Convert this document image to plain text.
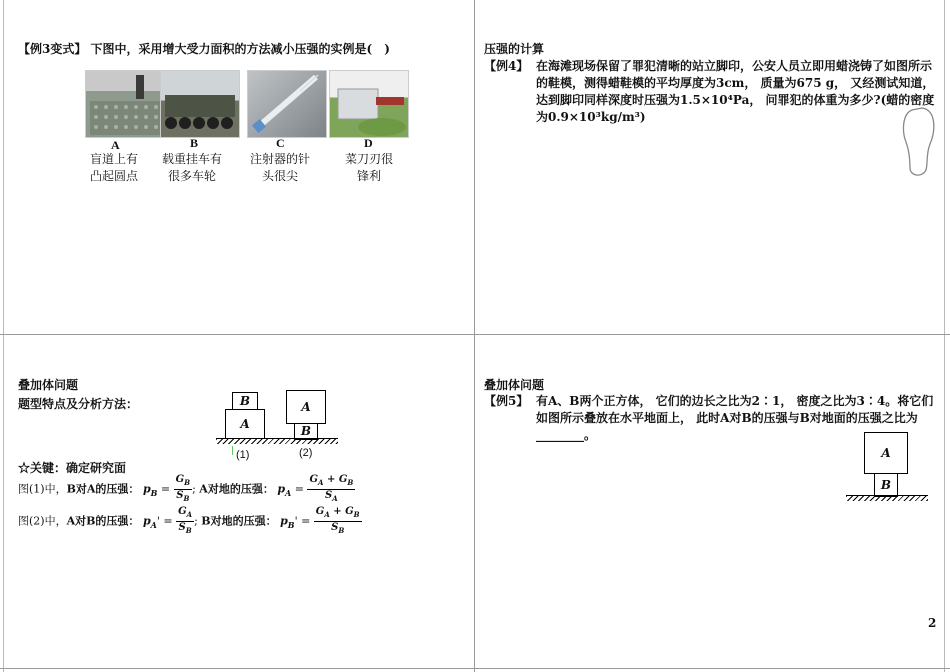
【例3变式】 下图中，采用增大受力面积的方法减小压强的实例是(　)
A
盲道上有
凸起圆点
B
载重挂车有
很多车轮
C
注射器的针
头很尖
D
菜刀刃很
锋利
压强的计算
【例4】 在海滩现场保留了罪犯清晰的站立脚印，公安人员立即用蜡浇铸了如图所示的鞋模，测得蜡鞋模的平均厚度为3cm， 质量为675 g， 又经测试知道， 达到脚印同样深度时压强为1.5×10⁴Pa， 问罪犯的体重为多少?(蜡的密度为0.9×10³kg/m³)
叠加体问题
题型特点及分析方法：	B
A
A
B
(1)	(2)
☆关键：确定研究面
图(1)中，B对A的压强： $p_B = \frac{G_B}{S_B}$ ; A对地的压强： $p_A = \frac{G_A + G_B}{S_A}$
图(2)中，A对B的压强： $p_A' = \frac{G_A}{S_B}$ ; B对地的压强： $p_B' = \frac{G_A + G_B}{S_B}$
叠加体问题
【例5】 有A、B两个正方体， 它们的边长之比为2∶1， 密度之比为3∶4。将它们如图所示叠放在水平地面上， 此时A对B的压强与B对地面的压强之比为________。
A
B
2
